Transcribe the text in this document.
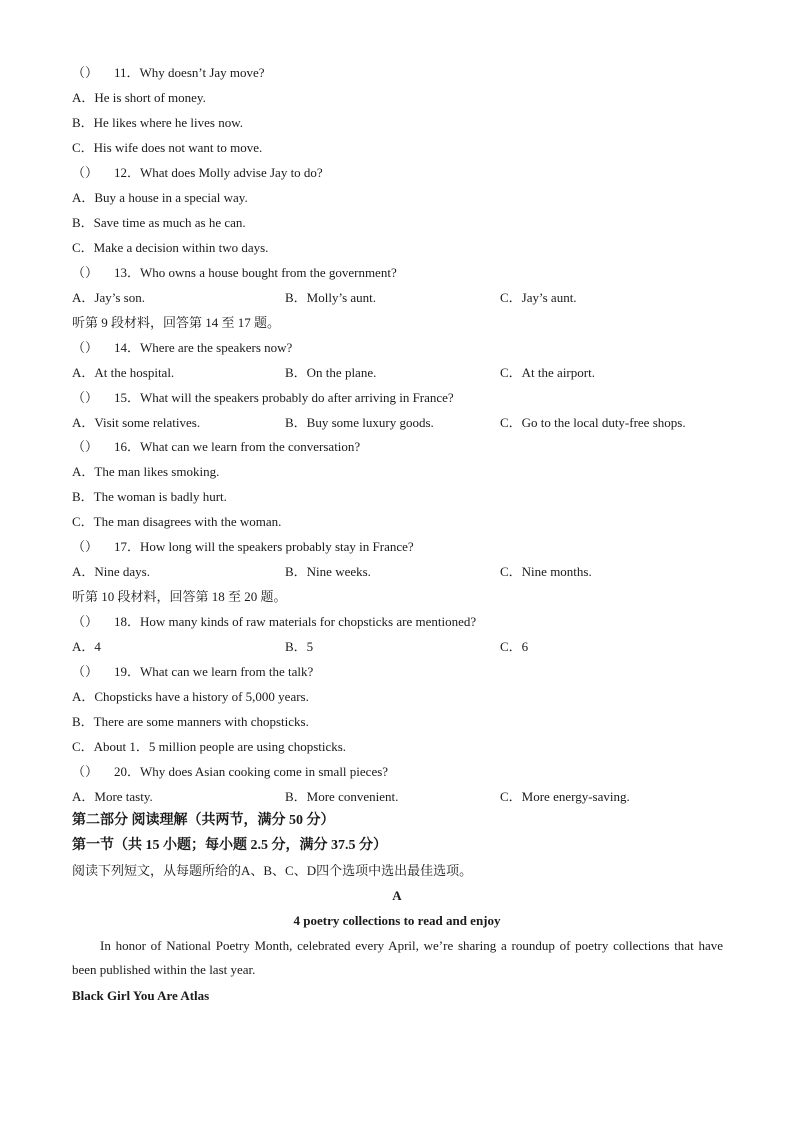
（ ）11．Why doesn’t Jay move?
A．He is short of money.
B．He likes where he lives now.
C．His wife does not want to move.
（ ）12．What does Molly advise Jay to do?
A．Buy a house in a special way.
B．Save time as much as he can.
C．Make a decision within two days.
（ ）13．Who owns a house bought from the government?
A．Jay’s son.	B．Molly’s aunt.	C．Jay’s aunt.
听第 9 段材料，回答第 14 至 17 题。
（ ）14．Where are the speakers now?
A．At the hospital.	B．On the plane.	C．At the airport.
（ ）15．What will the speakers probably do after arriving in France?
A．Visit some relatives.	B．Buy some luxury goods.	C．Go to the local duty-free shops.
（ ）16．What can we learn from the conversation?
A．The man likes smoking.
B．The woman is badly hurt.
C．The man disagrees with the woman.
（ ）17．How long will the speakers probably stay in France?
A．Nine days.	B．Nine weeks.	C．Nine months.
听第 10 段材料，回答第 18 至 20 题。
（ ）18．How many kinds of raw materials for chopsticks are mentioned?
A．4	B．5	C．6
（ ）19．What can we learn from the talk?
A．Chopsticks have a history of 5,000 years.
B．There are some manners with chopsticks.
C．About 1．5 million people are using chopsticks.
（ ）20．Why does Asian cooking come in small pieces?
A．More tasty.	B．More convenient.	C．More energy-saving.
第二部分 阅读理解（共两节，满分 50 分）
第一节（共 15 小题；每小题 2.5 分，满分 37.5 分）
阅读下列短文，从每题所给的A、B、C、D四个选项中选出最佳选项。
A
4 poetry collections to read and enjoy
In honor of National Poetry Month, celebrated every April, we’re sharing a roundup of poetry collections that have been published within the last year.
Black Girl You Are Atlas
